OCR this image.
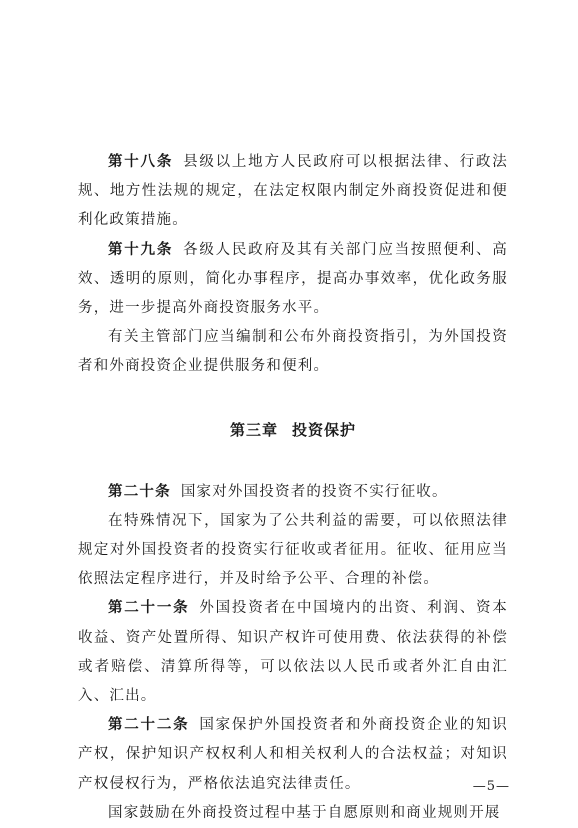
第十八条 县级以上地方人民政府可以根据法律、行政法规、地方性法规的规定，在法定权限内制定外商投资促进和便利化政策措施。

第十九条 各级人民政府及其有关部门应当按照便利、高效、透明的原则，简化办事程序，提高办事效率，优化政务服务，进一步提高外商投资服务水平。

有关主管部门应当编制和公布外商投资指引，为外国投资者和外商投资企业提供服务和便利。

第三章 投资保护

第二十条 国家对外国投资者的投资不实行征收。

在特殊情况下，国家为了公共利益的需要，可以依照法律规定对外国投资者的投资实行征收或者征用。征收、征用应当依照法定程序进行，并及时给予公平、合理的补偿。

第二十一条 外国投资者在中国境内的出资、利润、资本收益、资产处置所得、知识产权许可使用费、依法获得的补偿或者赔偿、清算所得等，可以依法以人民币或者外汇自由汇入、汇出。

第二十二条 国家保护外国投资者和外商投资企业的知识产权，保护知识产权权利人和相关权利人的合法权益；对知识产权侵权行为，严格依法追究法律责任。

国家鼓励在外商投资过程中基于自愿原则和商业规则开展

—5—
